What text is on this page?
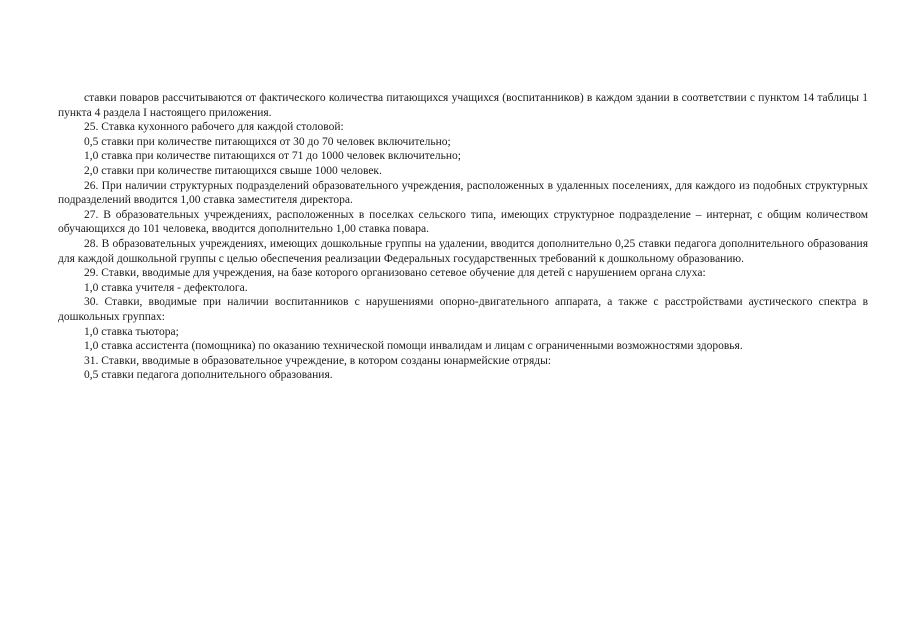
ставки поваров рассчитываются от фактического количества питающихся учащихся (воспитанников) в каждом здании в соответствии с пунктом 14 таблицы 1 пункта 4 раздела I настоящего приложения.

25. Ставка кухонного рабочего для каждой столовой:

0,5 ставки при количестве питающихся от 30 до 70 человек включительно;

1,0 ставка при количестве питающихся от 71 до 1000 человек включительно;

2,0 ставки при количестве питающихся свыше 1000 человек.

26. При наличии структурных подразделений образовательного учреждения, расположенных в удаленных поселениях, для каждого из подобных структурных подразделений вводится 1,00 ставка заместителя директора.

27. В образовательных учреждениях, расположенных в поселках сельского типа, имеющих структурное подразделение – интернат, с общим количеством обучающихся до 101 человека, вводится дополнительно 1,00 ставка повара.

28. В образовательных учреждениях, имеющих дошкольные группы на удалении, вводится дополнительно 0,25 ставки педагога дополнительного образования для каждой дошкольной группы с целью обеспечения реализации Федеральных государственных требований к дошкольному образованию.

29. Ставки, вводимые для учреждения, на базе которого организовано сетевое обучение для детей с нарушением органа слуха:

1,0 ставка учителя - дефектолога.

30. Ставки, вводимые при наличии воспитанников с нарушениями опорно-двигательного аппарата, а также с расстройствами аустического спектра в дошкольных группах:

1,0 ставка тьютора;

1,0 ставка ассистента (помощника) по оказанию технической помощи инвалидам и лицам с ограниченными возможностями здоровья.

31. Ставки, вводимые в образовательное учреждение, в котором созданы юнармейские отряды:

0,5 ставки педагога дополнительного образования.
